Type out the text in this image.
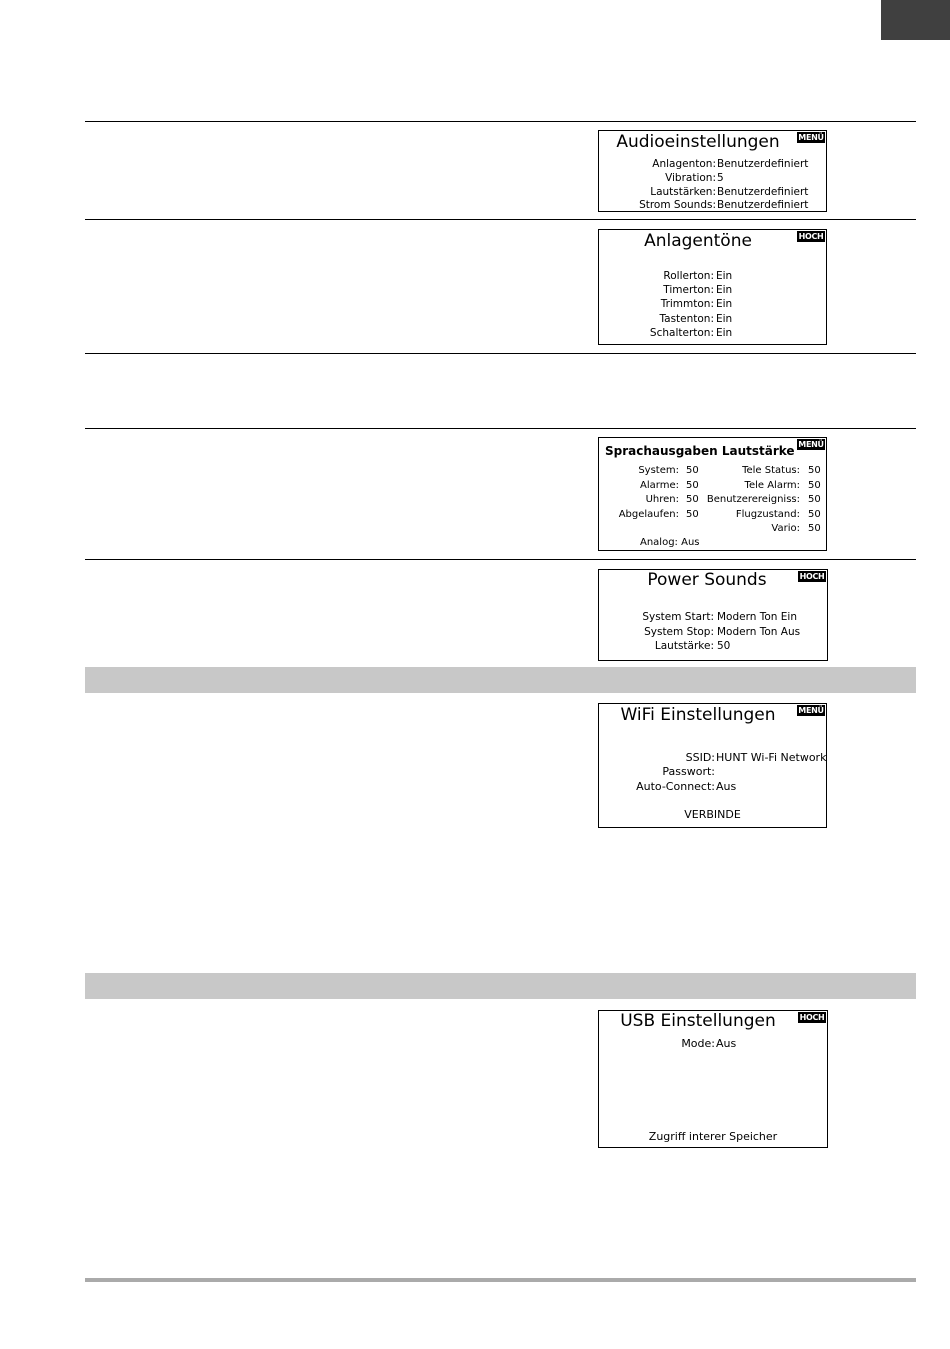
Audioeinstellungen	MENÜ
Anlagenton: Benutzerdefiniert
Vibration: 5
Lautstärken: Benutzerdefiniert
Strom Sounds: Benutzerdefiniert
Anlagentöne	HOCH
Rollerton: Ein
Timerton: Ein
Trimmton: Ein
Tastenton: Ein
Schalterton: Ein
Sprachausgaben Lautstärke MENÜ
System: 50	Tele Status: 50
Alarme: 50	Tele Alarm: 50
Uhren: 50 Benutzerereigniss: 50
Abgelaufen: 50	Flugzustand: 50
Vario: 50
Analog: Aus
Power Sounds	HOCH
System Start: Modern Ton Ein
System Stop: Modern Ton Aus
Lautstärke: 50
WiFi Einstellungen	MENÜ
SSID: HUNT Wi-Fi Network
Passwort:
Auto-Connect: Aus
VERBINDE
USB Einstellungen	HOCH
Mode: Aus
Zugriff interer Speicher
